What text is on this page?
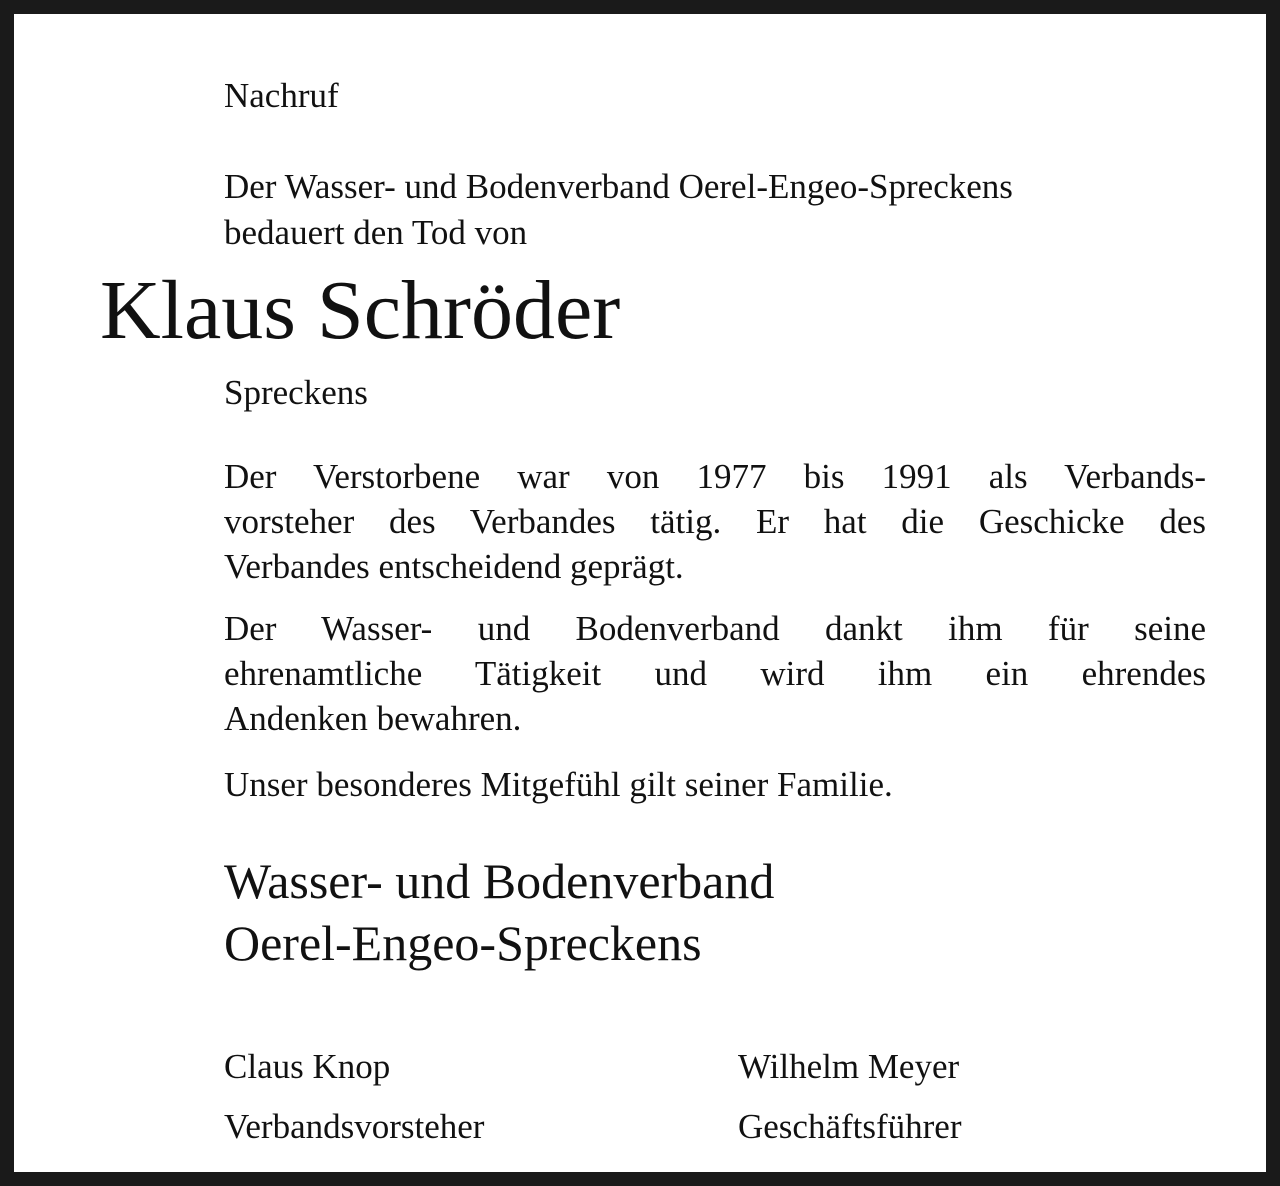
Nachruf

Der Wasser- und Bodenverband Oerel-Engeo-Spreckens
bedauert den Tod von

Klaus Schröder

Spreckens

Der Verstorbene war von 1977 bis 1991 als Verbands-
vorsteher des Verbandes tätig. Er hat die Geschicke des
Verbandes entscheidend geprägt.
Der Wasser- und Bodenverband dankt ihm für seine
ehrenamtliche Tätigkeit und wird ihm ein ehrendes
Andenken bewahren.
Unser besonderes Mitgefühl gilt seiner Familie.

Wasser- und Bodenverband
Oerel-Engeo-Spreckens

Claus Knop

Verbandsvorsteher

Wilhelm Meyer

Geschäftsführer
